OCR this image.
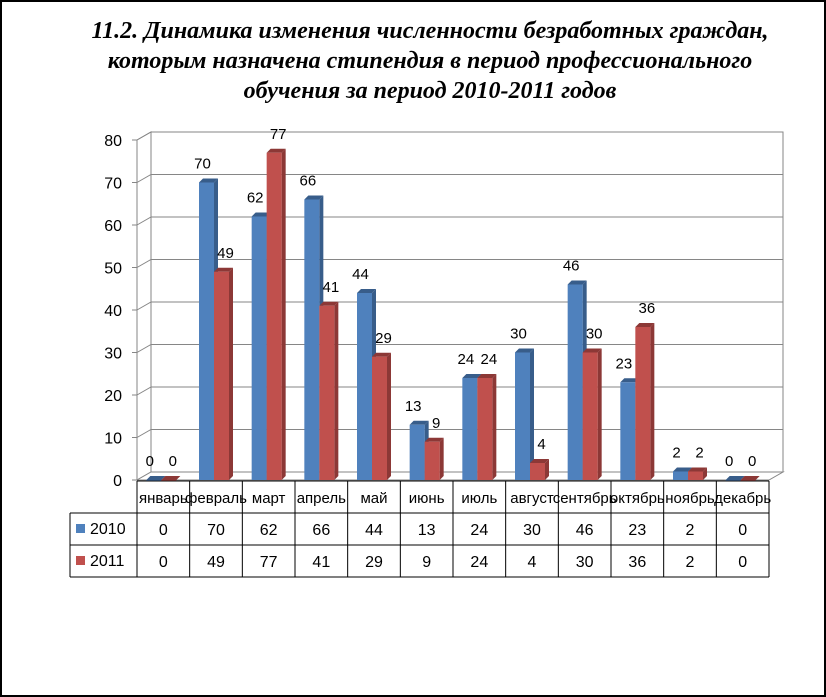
11.2. Динамика изменения численности безработных граждан, которым назначена стипендия в период профессионального обучения за период 2010-2011 годов
0
10
20
30
40
50
60
70
80
0 0
70
49
62
77
66
41
44
29
13
9
24 24
30
4
46
30
23
36
2 2 0 0
январь
февраль март апрель май июнь июль август
сентябрь
октябрь ноябрь декабрь
2010 0 70 62 66 44 13 24 30 46 23 2	0
2011 0 49 77 41 29 9 24 4 30 36 2	0
